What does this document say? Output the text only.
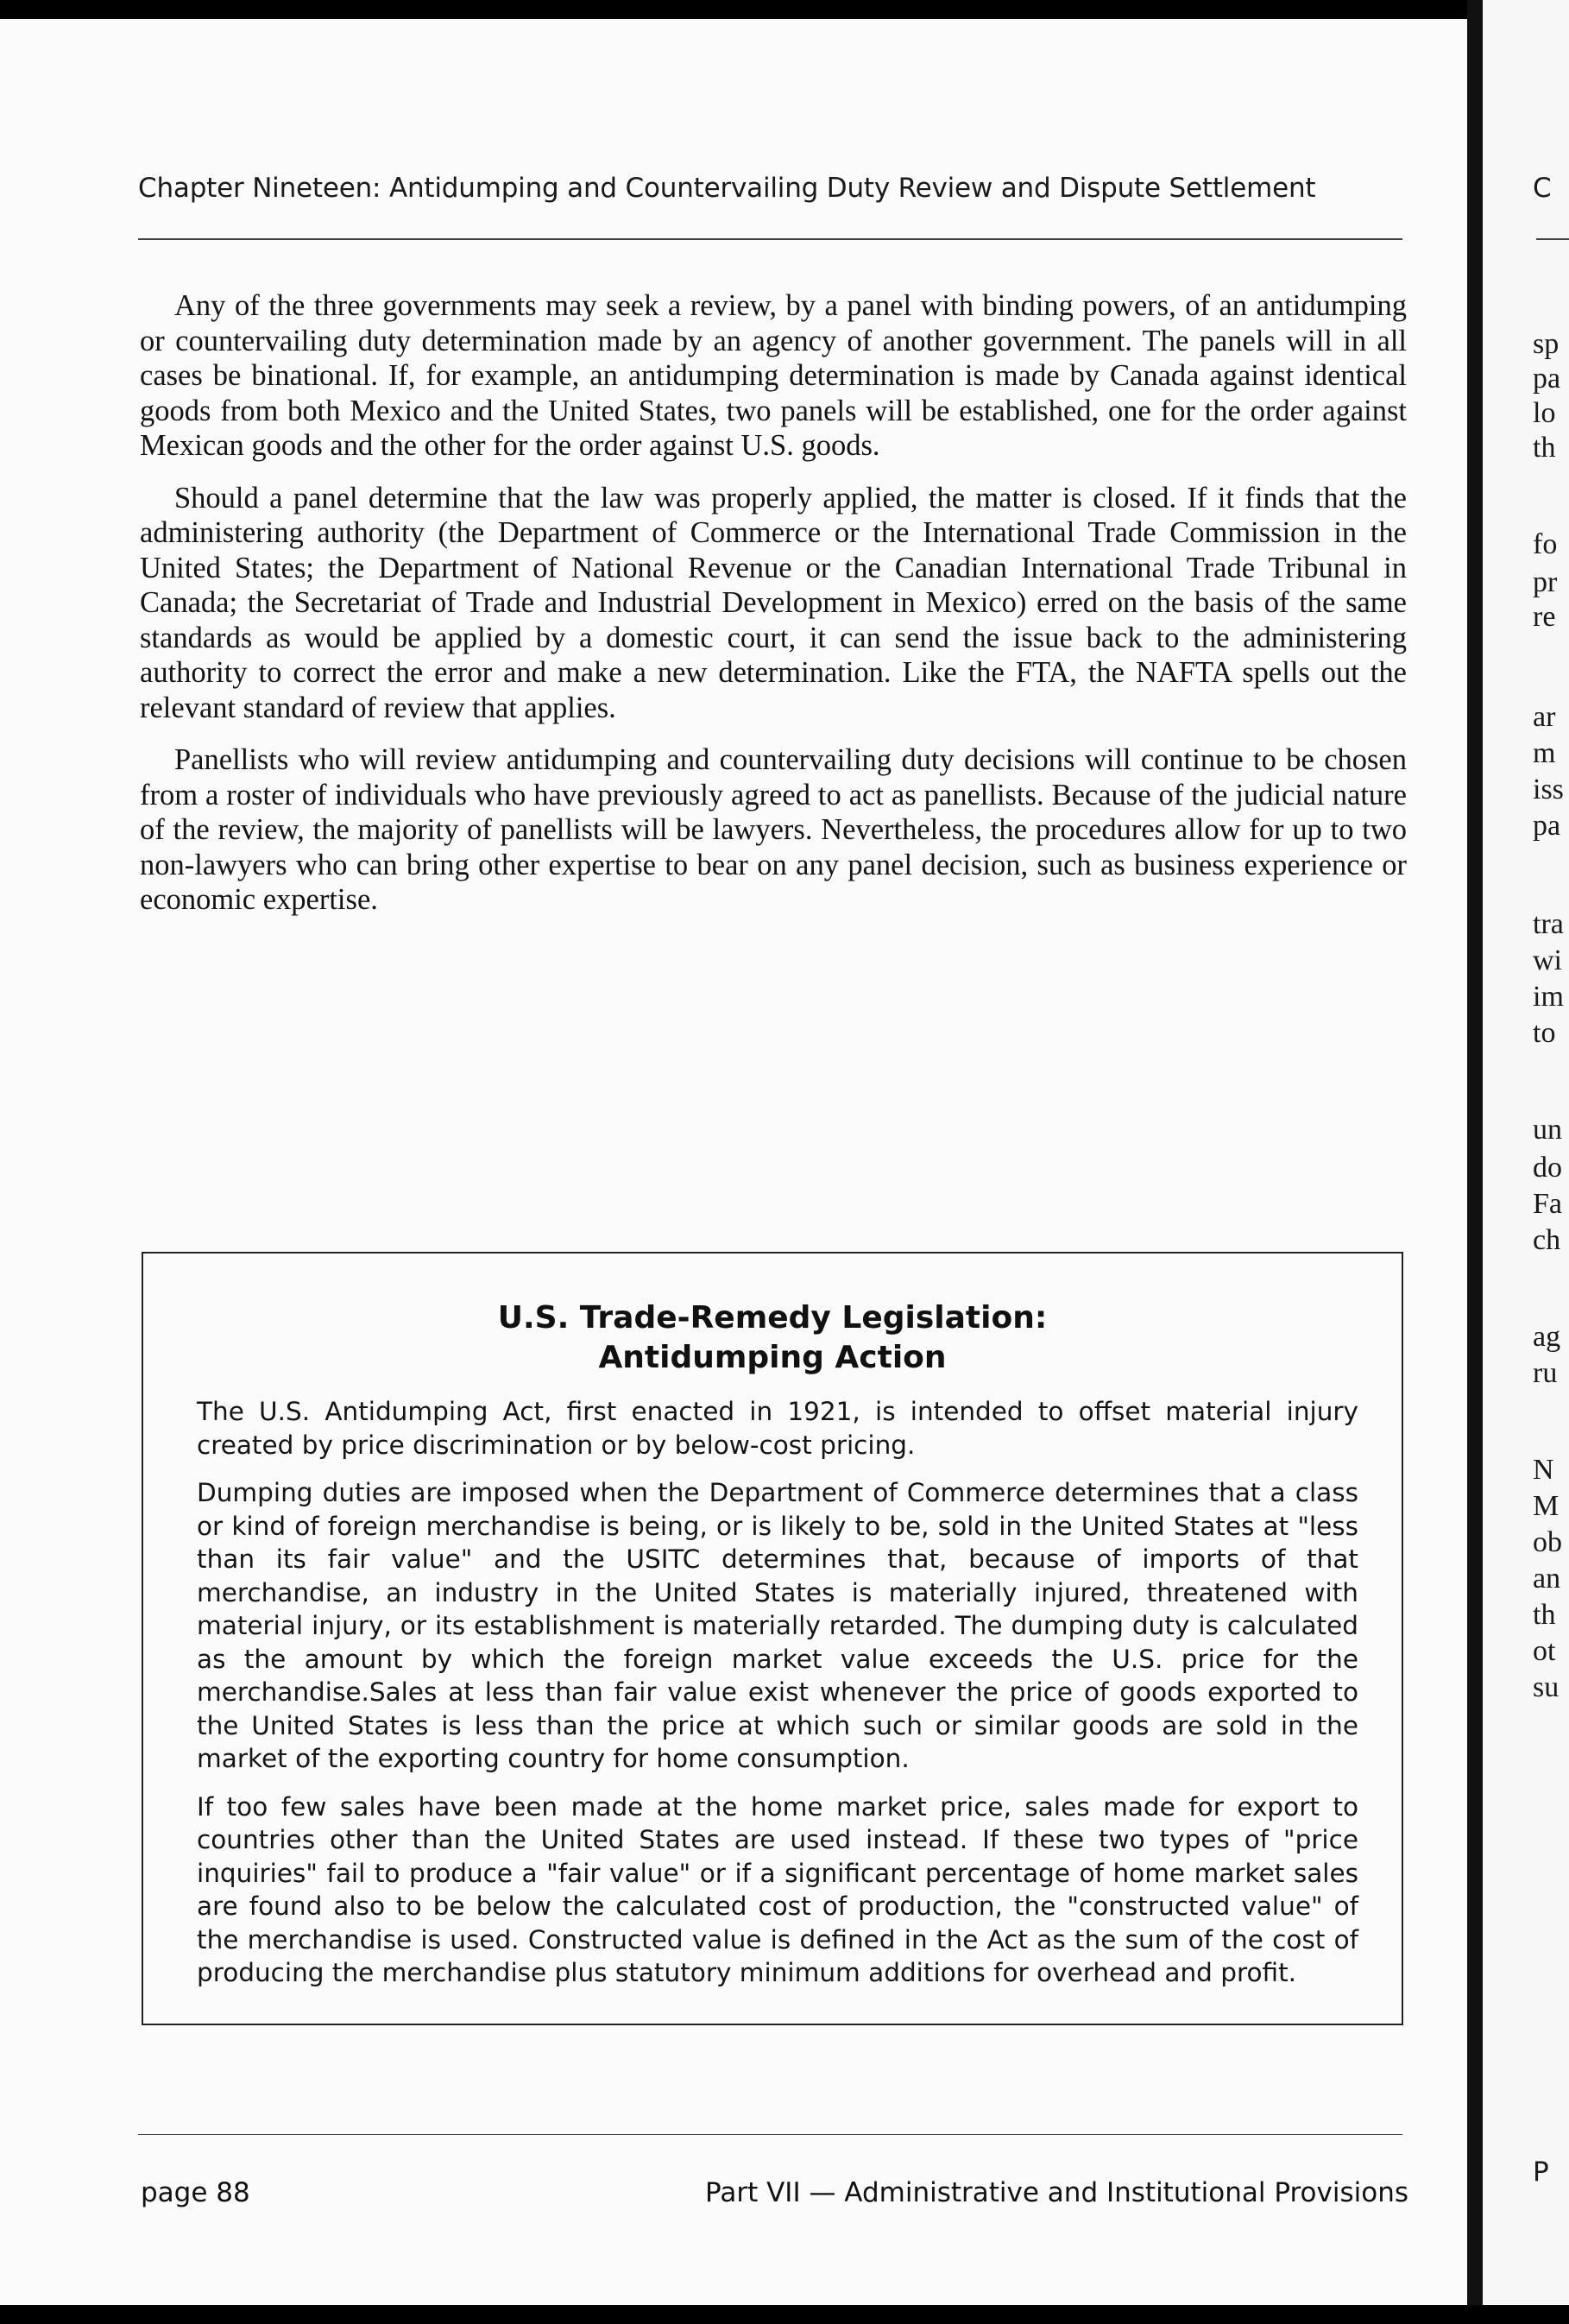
Chapter Nineteen: Antidumping and Countervailing Duty Review and Dispute Settlement

Any of the three governments may seek a review, by a panel with binding powers, of an antidumping or countervailing duty determination made by an agency of another government. The panels will in all cases be binational. If, for example, an antidumping determination is made by Canada against identical goods from both Mexico and the United States, two panels will be established, one for the order against Mexican goods and the other for the order against U.S. goods.

Should a panel determine that the law was properly applied, the matter is closed. If it finds that the administering authority (the Department of Commerce or the International Trade Commission in the United States; the Department of National Revenue or the Canadian International Trade Tribunal in Canada; the Secretariat of Trade and Industrial Development in Mexico) erred on the basis of the same standards as would be applied by a domestic court, it can send the issue back to the administering authority to correct the error and make a new determination. Like the FTA, the NAFTA spells out the relevant standard of review that applies.

Panellists who will review antidumping and countervailing duty decisions will continue to be chosen from a roster of individuals who have previously agreed to act as panellists. Because of the judicial nature of the review, the majority of panellists will be lawyers. Nevertheless, the procedures allow for up to two non-lawyers who can bring other expertise to bear on any panel decision, such as business experience or economic expertise.

U.S. Trade-Remedy Legislation:
Antidumping Action

The U.S. Antidumping Act, first enacted in 1921, is intended to offset material injury created by price discrimination or by below-cost pricing.

Dumping duties are imposed when the Department of Commerce determines that a class or kind of foreign merchandise is being, or is likely to be, sold in the United States at "less than its fair value" and the USITC determines that, because of imports of that merchandise, an industry in the United States is materially injured, threatened with material injury, or its establishment is materially retarded. The dumping duty is calculated as the amount by which the foreign market value exceeds the U.S. price for the merchandise.Sales at less than fair value exist whenever the price of goods exported to the United States is less than the price at which such or similar goods are sold in the market of the exporting country for home consumption.

If too few sales have been made at the home market price, sales made for export to countries other than the United States are used instead. If these two types of "price inquiries" fail to produce a "fair value" or if a significant percentage of home market sales are found also to be below the calculated cost of production, the "constructed value" of the merchandise is used. Constructed value is defined in the Act as the sum of the cost of producing the merchandise plus statutory minimum additions for overhead and profit.

page 88	Part VII — Administrative and Institutional Provisions
C
sp
pa
lo
th
fo
pr
re
ar
m
iss
pa
tra
wi
im
to
un
do
Fa
ch
ag
ru
N
M
ob
an
th
ot
su
P
